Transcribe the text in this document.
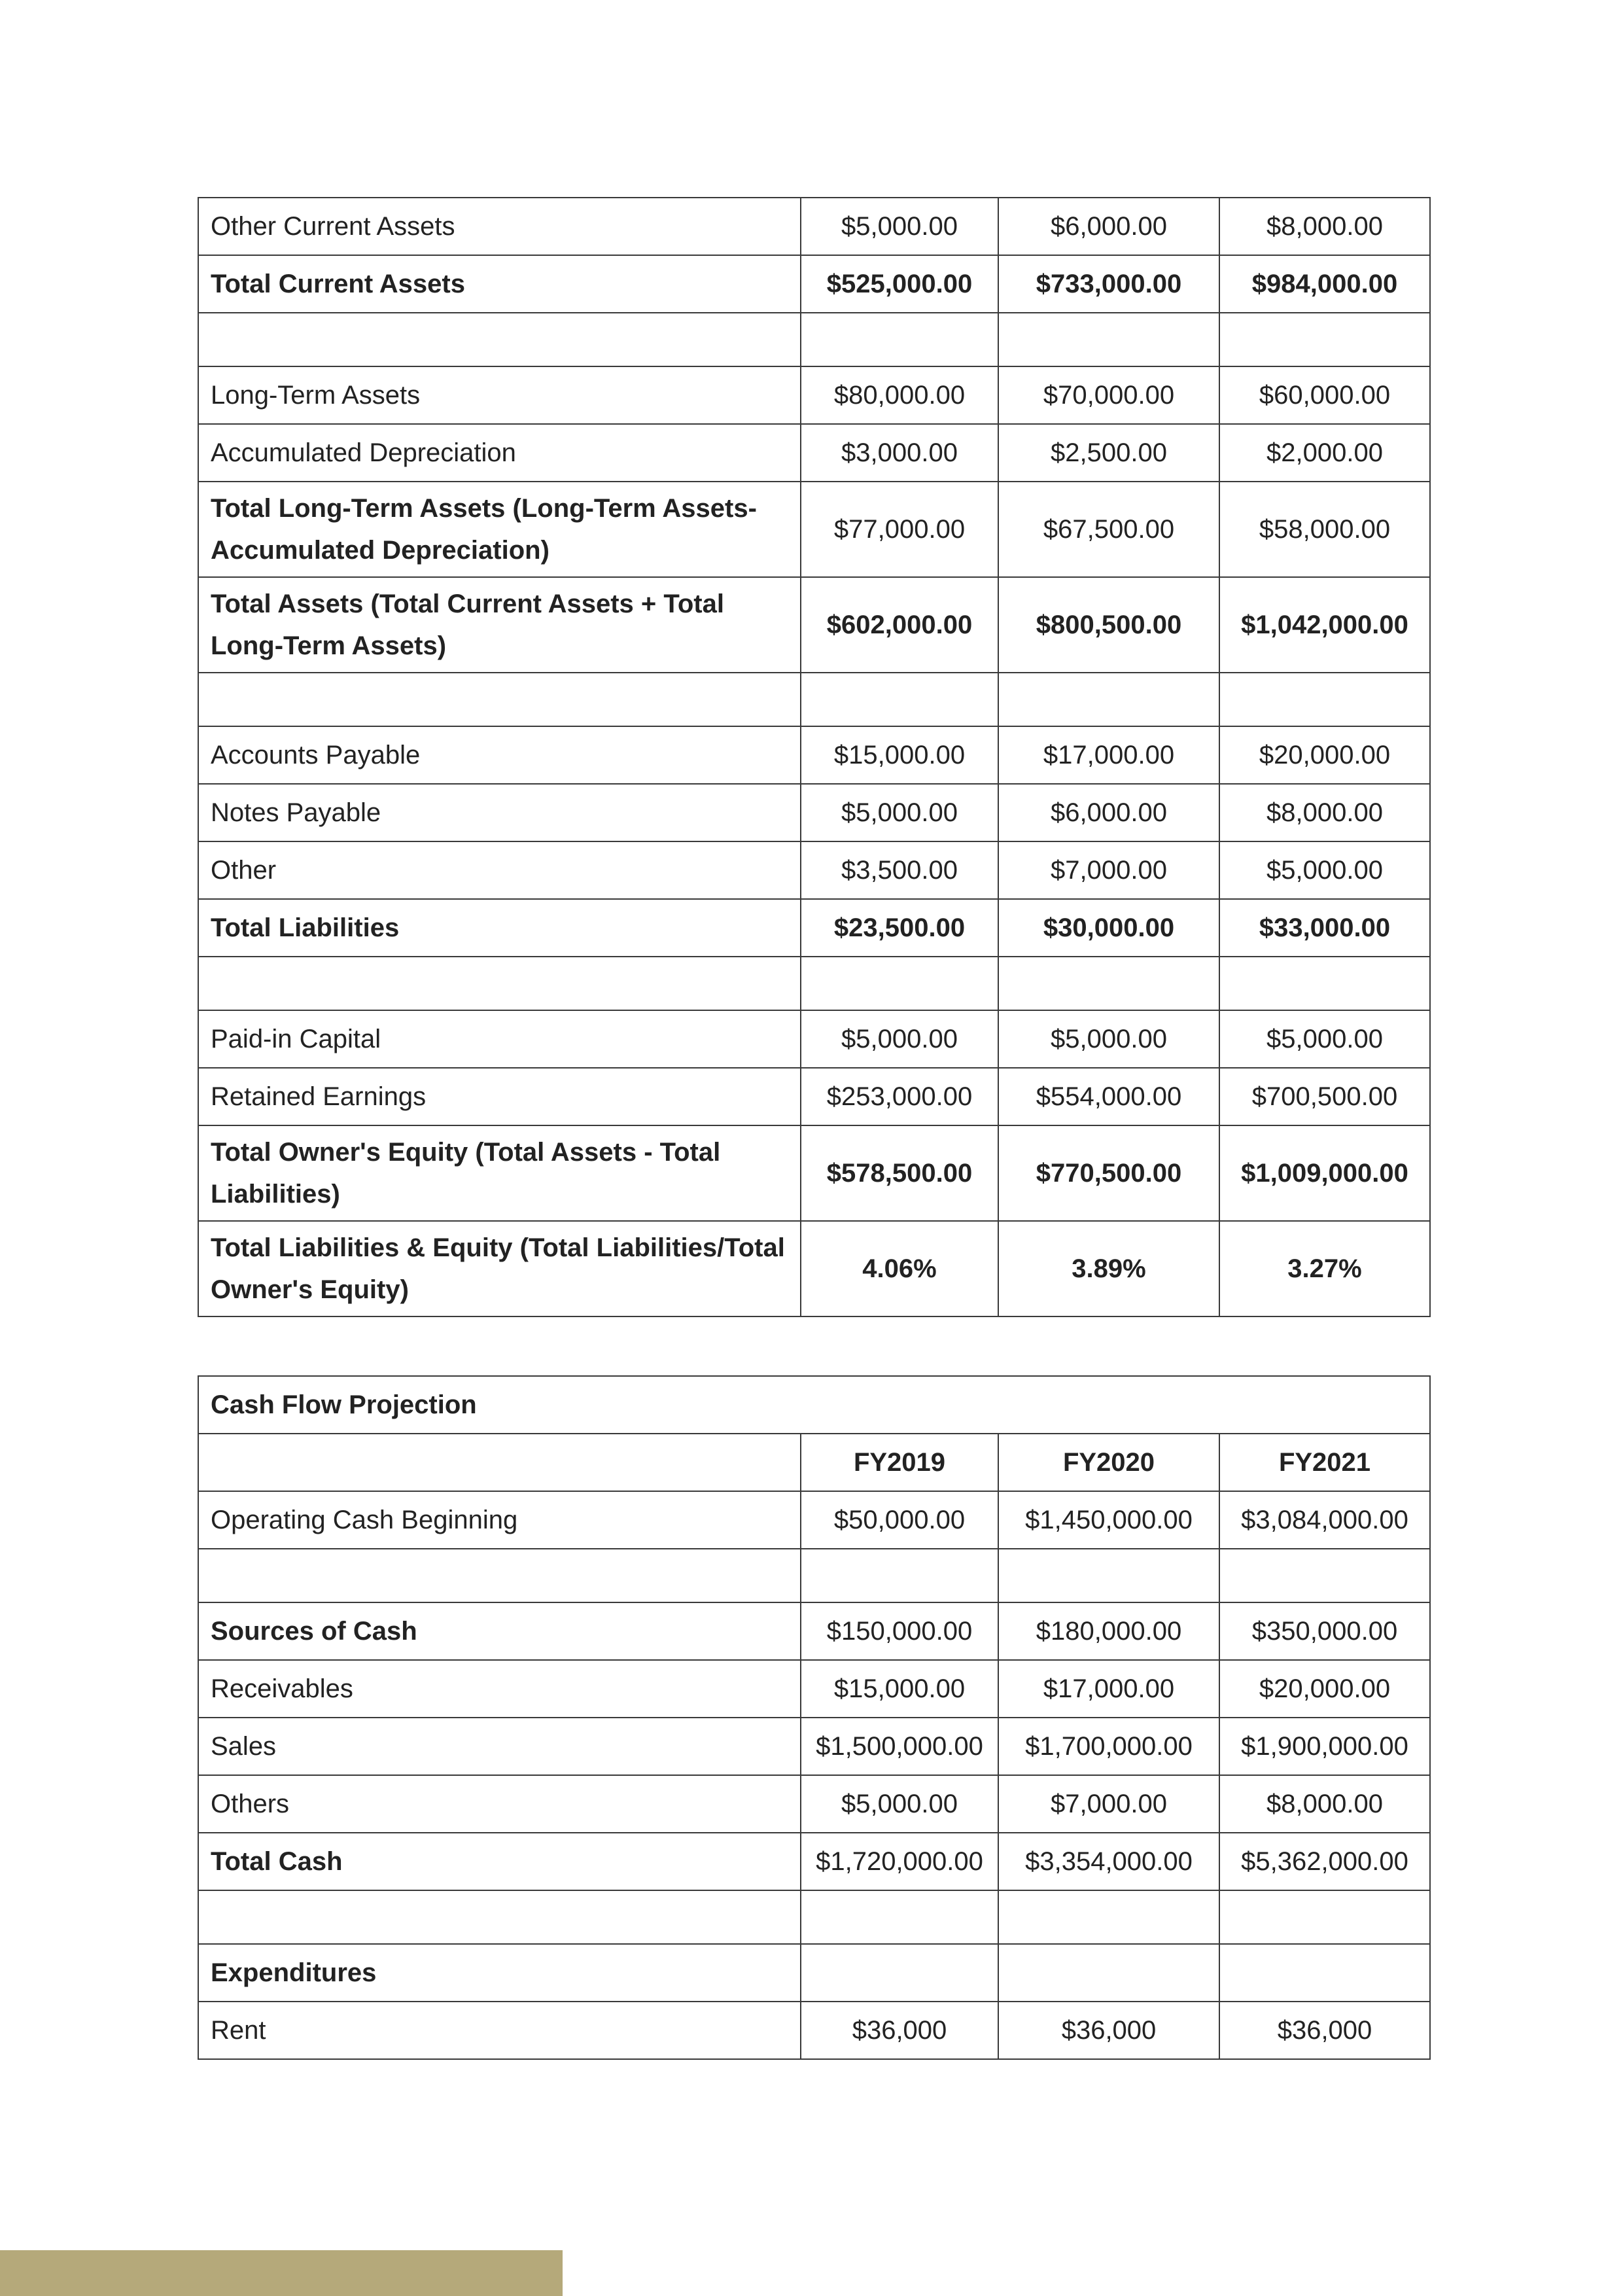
Other Current Assets	$5,000.00	$6,000.00	$8,000.00
Total Current Assets	$525,000.00	$733,000.00	$984,000.00

Long-Term Assets	$80,000.00	$70,000.00	$60,000.00
Accumulated Depreciation	$3,000.00	$2,500.00	$2,000.00
Total Long-Term Assets (Long-Term Assets-Accumulated Depreciation)	$77,000.00	$67,500.00	$58,000.00
Total Assets (Total Current Assets + Total Long-Term Assets)	$602,000.00	$800,500.00	$1,042,000.00

Accounts Payable	$15,000.00	$17,000.00	$20,000.00
Notes Payable	$5,000.00	$6,000.00	$8,000.00
Other	$3,500.00	$7,000.00	$5,000.00
Total Liabilities	$23,500.00	$30,000.00	$33,000.00

Paid-in Capital	$5,000.00	$5,000.00	$5,000.00
Retained Earnings	$253,000.00	$554,000.00	$700,500.00
Total Owner's Equity (Total Assets - Total Liabilities)	$578,500.00	$770,500.00	$1,009,000.00
Total Liabilities & Equity (Total Liabilities/Total Owner's Equity)	4.06%	3.89%	3.27%
Cash Flow Projection			
	FY2019	FY2020	FY2021
Operating Cash Beginning	$50,000.00	$1,450,000.00	$3,084,000.00

Sources of Cash	$150,000.00	$180,000.00	$350,000.00
Receivables	$15,000.00	$17,000.00	$20,000.00
Sales	$1,500,000.00	$1,700,000.00	$1,900,000.00
Others	$5,000.00	$7,000.00	$8,000.00
Total Cash	$1,720,000.00	$3,354,000.00	$5,362,000.00

Expenditures			
Rent	$36,000	$36,000	$36,000
